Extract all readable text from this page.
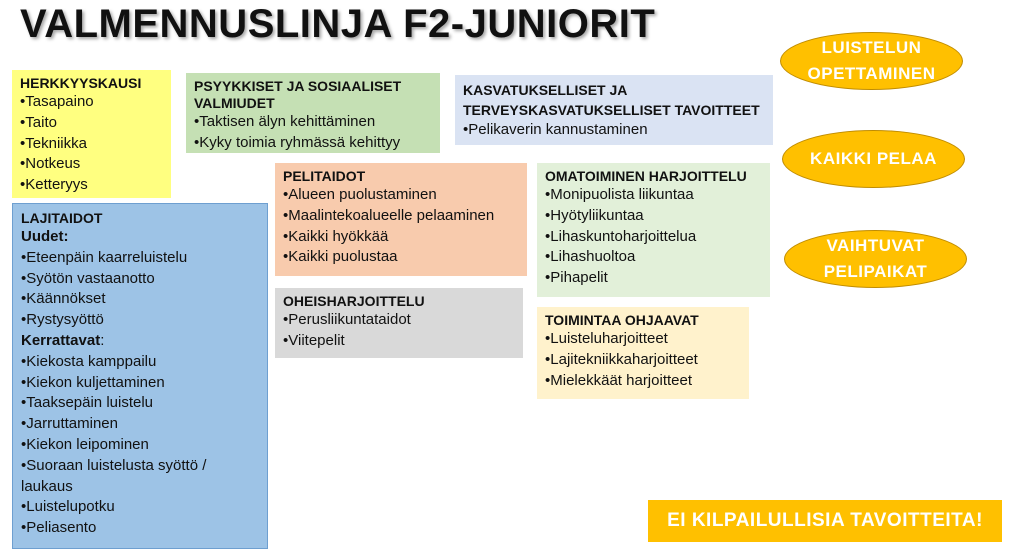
VALMENNUSLINJA F2-JUNIORIT
HERKKYYSKAUSI
• Tasapaino
• Taito
• Tekniikka
• Notkeus
• Ketteryys
PSYYKKISET JA SOSIAALISET VALMIUDET
• Taktisen älyn kehittäminen
• Kyky toimia ryhmässä kehittyy
KASVATUKSELLISET JA TERVEYSKASVATUKSELLISET TAVOITTEET
• Pelikaverin kannustaminen
LAJITAIDOT
Uudet:
• Eteenpäin kaarreluistelu
• Syötön vastaanotto
• Käännökset
• Rystysyöttö
Kerrattavat:
• Kiekosta kamppailu
• Kiekon kuljettaminen
• Taaksepäin luistelu
• Jarruttaminen
• Kiekon leipominen
• Suoraan luistelusta syöttö / laukaus
• Luistelupotku
• Peliasento
PELITAIDOT
• Alueen puolustaminen
• Maalintekoalueelle pelaaminen
• Kaikki hyökkää
• Kaikki puolustaa
OHEISHARJOITTELU
• Perusliikuntataidot
• Viitepelit
OMATOIMINEN HARJOITTELU
• Monipuolista liikuntaa
• Hyötyliikuntaa
• Lihaskuntoharjoittelua
• Lihashuoltoa
• Pihapelit
TOIMINTAA OHJAAVAT
• Luisteluharjoitteet
• Lajitekniikkaharjoitteet
• Mielekkäät harjoitteet
LUISTELUN
OPETTAMINEN
KAIKKI PELAA
VAIHTUVAT
PELIPAIKAT
EI KILPAILULLISIA TAVOITTEITA!
